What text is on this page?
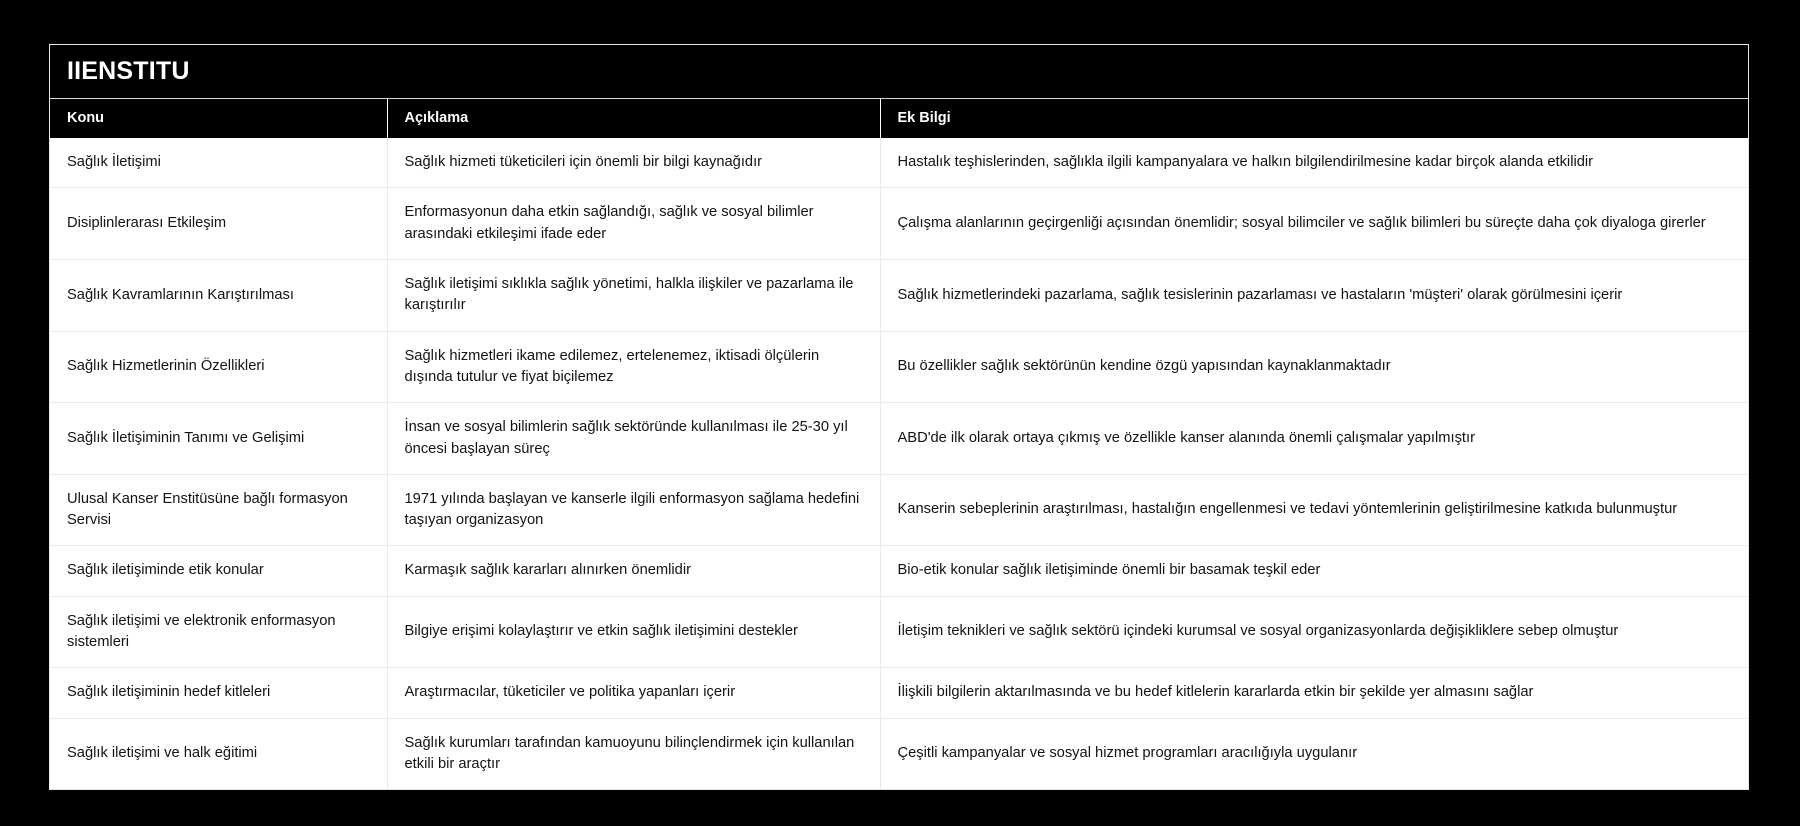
IIENSTITU
Konu	Açıklama	Ek Bilgi
Sağlık İletişimi	Sağlık hizmeti tüketicileri için önemli bir bilgi kaynağıdır	Hastalık teşhislerinden, sağlıkla ilgili kampanyalara ve halkın bilgilendirilmesine kadar birçok alanda etkilidir
Disiplinlerarası Etkileşim	Enformasyonun daha etkin sağlandığı, sağlık ve sosyal bilimler arasındaki etkileşimi ifade eder	Çalışma alanlarının geçirgenliği açısından önemlidir; sosyal bilimciler ve sağlık bilimleri bu süreçte daha çok diyaloga girerler
Sağlık Kavramlarının Karıştırılması	Sağlık iletişimi sıklıkla sağlık yönetimi, halkla ilişkiler ve pazarlama ile karıştırılır	Sağlık hizmetlerindeki pazarlama, sağlık tesislerinin pazarlaması ve hastaların 'müşteri' olarak görülmesini içerir
Sağlık Hizmetlerinin Özellikleri	Sağlık hizmetleri ikame edilemez, ertelenemez, iktisadi ölçülerin dışında tutulur ve fiyat biçilemez	Bu özellikler sağlık sektörünün kendine özgü yapısından kaynaklanmaktadır
Sağlık İletişiminin Tanımı ve Gelişimi	İnsan ve sosyal bilimlerin sağlık sektöründe kullanılması ile 25-30 yıl öncesi başlayan süreç	ABD'de ilk olarak ortaya çıkmış ve özellikle kanser alanında önemli çalışmalar yapılmıştır
Ulusal Kanser Enstitüsüne bağlı formasyon Servisi	1971 yılında başlayan ve kanserle ilgili enformasyon sağlama hedefini taşıyan organizasyon	Kanserin sebeplerinin araştırılması, hastalığın engellenmesi ve tedavi yöntemlerinin geliştirilmesine katkıda bulunmuştur
Sağlık iletişiminde etik konular	Karmaşık sağlık kararları alınırken önemlidir	Bio-etik konular sağlık iletişiminde önemli bir basamak teşkil eder
Sağlık iletişimi ve elektronik enformasyon sistemleri	Bilgiye erişimi kolaylaştırır ve etkin sağlık iletişimini destekler	İletişim teknikleri ve sağlık sektörü içindeki kurumsal ve sosyal organizasyonlarda değişikliklere sebep olmuştur
Sağlık iletişiminin hedef kitleleri	Araştırmacılar, tüketiciler ve politika yapanları içerir	İlişkili bilgilerin aktarılmasında ve bu hedef kitlelerin kararlarda etkin bir şekilde yer almasını sağlar
Sağlık iletişimi ve halk eğitimi	Sağlık kurumları tarafından kamuoyunu bilinçlendirmek için kullanılan etkili bir araçtır	Çeşitli kampanyalar ve sosyal hizmet programları aracılığıyla uygulanır
